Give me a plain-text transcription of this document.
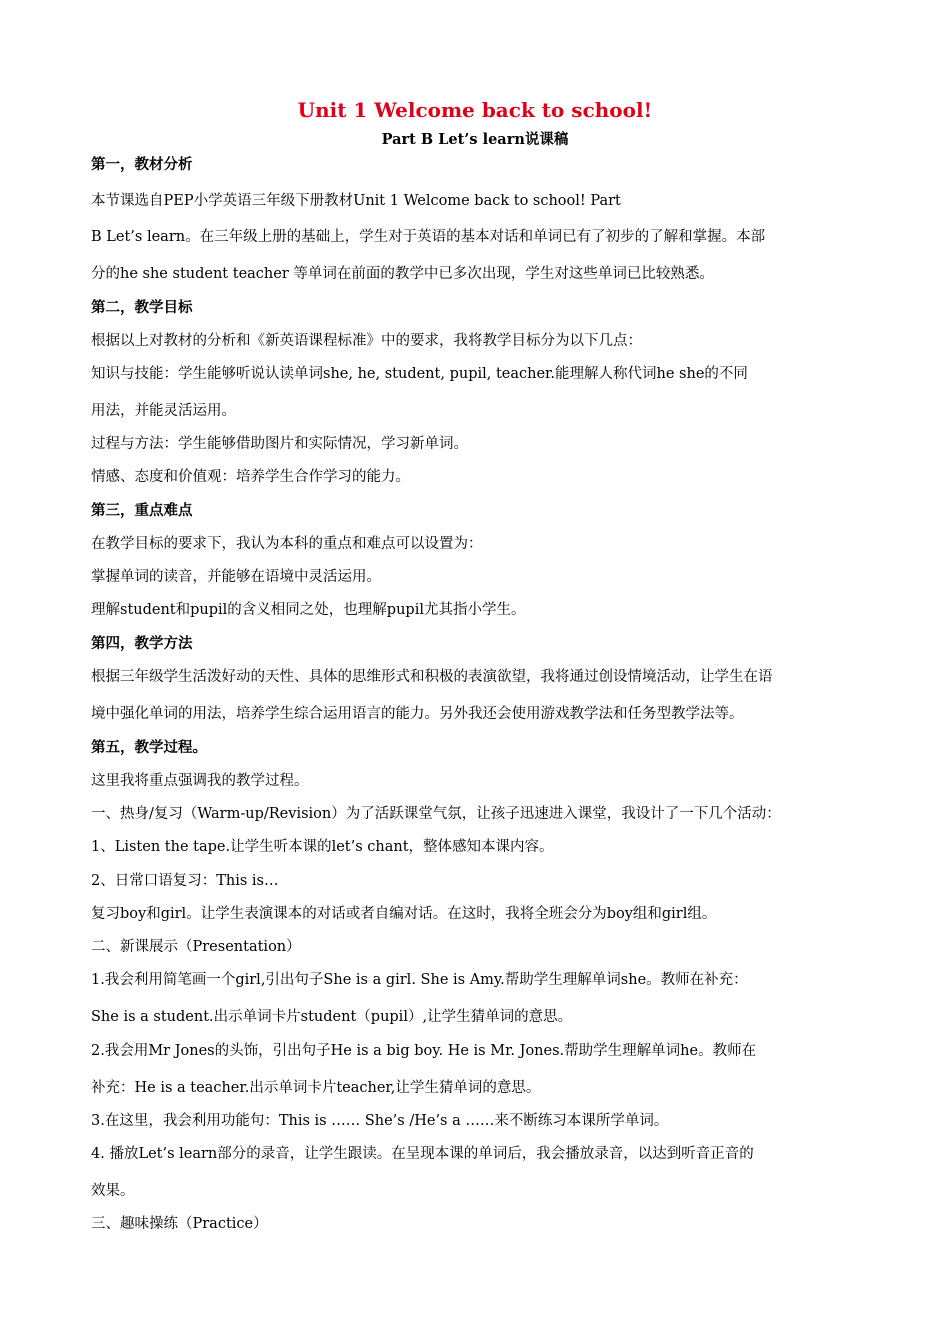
Unit 1 Welcome back to school!
Part B Let’s learn说课稿
第一，教材分析
本节课选自PEP小学英语三年级下册教材Unit 1 Welcome back to school! Part
B Let’s learn。在三年级上册的基础上，学生对于英语的基本对话和单词已有了初步的了解和掌握。本部
分的he she student teacher 等单词在前面的教学中已多次出现，学生对这些单词已比较熟悉。
第二，教学目标
根据以上对教材的分析和《新英语课程标准》中的要求，我将教学目标分为以下几点：
知识与技能：学生能够听说认读单词she, he, student, pupil, teacher.能理解人称代词he she的不同
用法，并能灵活运用。
过程与方法：学生能够借助图片和实际情况，学习新单词。
情感、态度和价值观：培养学生合作学习的能力。
第三，重点难点
在教学目标的要求下，我认为本科的重点和难点可以设置为：
掌握单词的读音，并能够在语境中灵活运用。
理解student和pupil的含义相同之处，也理解pupil尤其指小学生。
第四，教学方法
根据三年级学生活泼好动的天性、具体的思维形式和积极的表演欲望，我将通过创设情境活动，让学生在语
境中强化单词的用法，培养学生综合运用语言的能力。另外我还会使用游戏教学法和任务型教学法等。
第五，教学过程。
这里我将重点强调我的教学过程。
一、热身/复习（Warm-up/Revision）为了活跃课堂气氛，让孩子迅速进入课堂，我设计了一下几个活动：
1、Listen the tape.让学生听本课的let’s chant，整体感知本课内容。
2、日常口语复习：This is…
复习boy和girl。让学生表演课本的对话或者自编对话。在这时，我将全班会分为boy组和girl组。
二、新课展示（Presentation）
1.我会利用简笔画一个girl,引出句子She is a girl. She is Amy.帮助学生理解单词she。教师在补充：
She is a student.出示单词卡片student（pupil）,让学生猜单词的意思。
2.我会用Mr Jones的头饰，引出句子He is a big boy. He is Mr. Jones.帮助学生理解单词he。教师在
补充：He is a teacher.出示单词卡片teacher,让学生猜单词的意思。
3.在这里，我会利用功能句：This is …… She’s /He’s a ……来不断练习本课所学单词。
4. 播放Let’s learn部分的录音，让学生跟读。在呈现本课的单词后，我会播放录音，以达到听音正音的
效果。
三、趣味操练（Practice）
